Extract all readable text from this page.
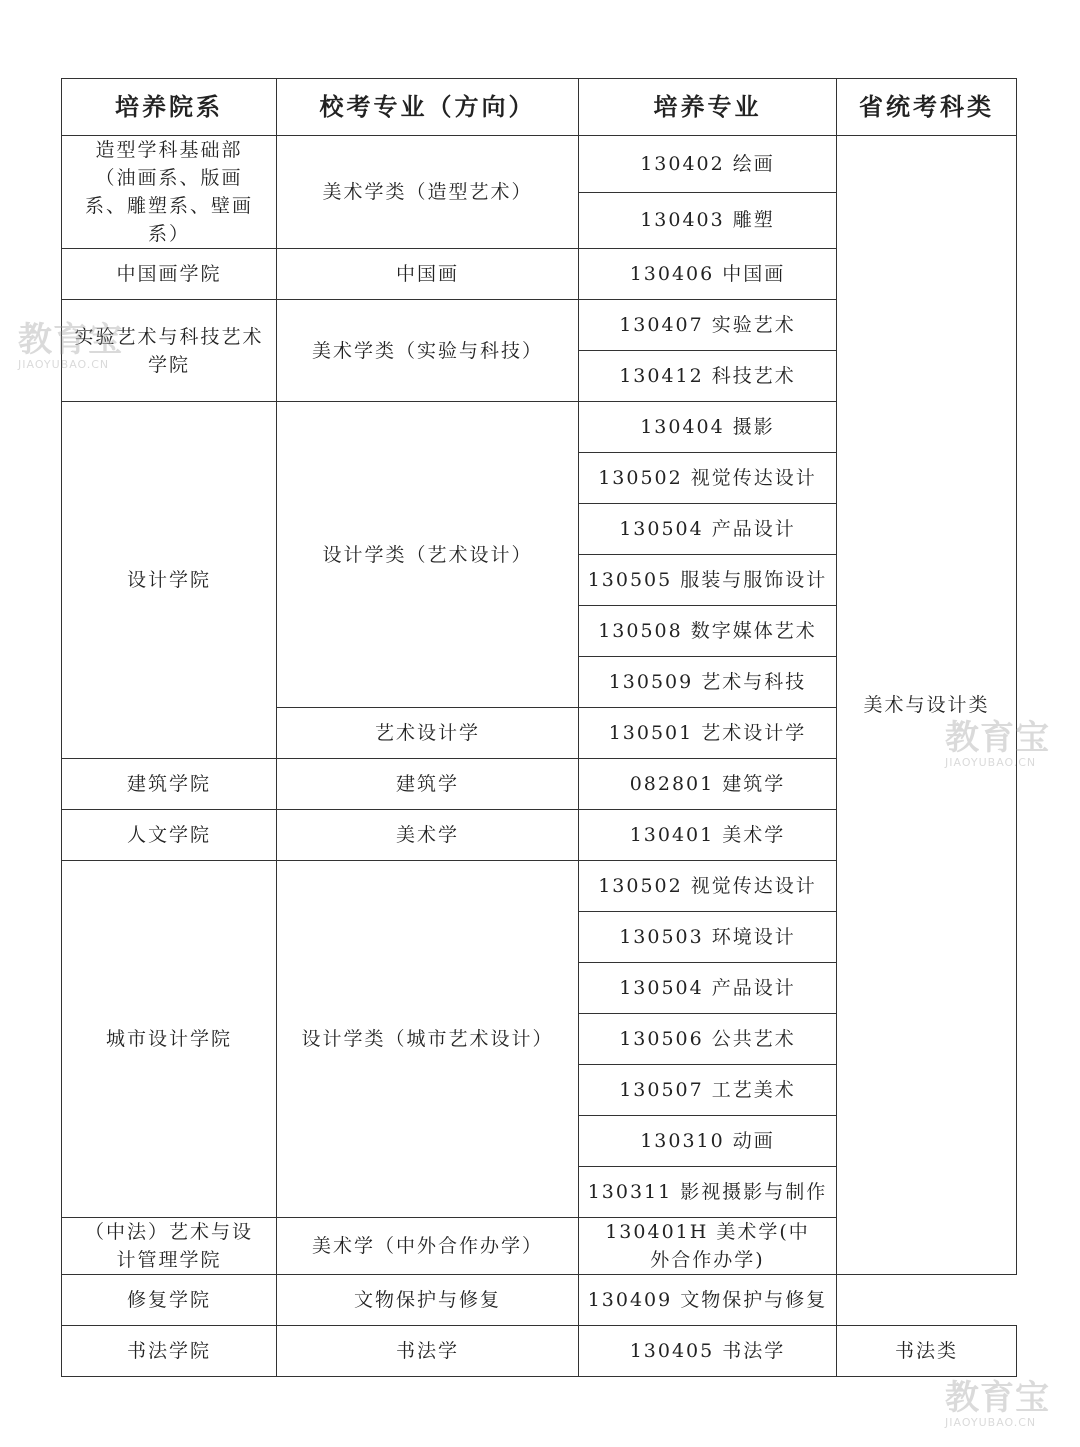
培养院系	校考专业（方向）	培养专业	省统考科类
造型学科基础部（油画系、版画系、雕塑系、壁画系）	美术学类（造型艺术）	130402 绘画	美术与设计类
		130403 雕塑	
中国画学院	中国画	130406 中国画	
实验艺术与科技艺术学院	美术学类（实验与科技）	130407 实验艺术	
		130412 科技艺术	
设计学院	设计学类（艺术设计）	130404 摄影	
		130502 视觉传达设计	
		130504 产品设计	
		130505 服装与服饰设计	
		130508 数字媒体艺术	
		130509 艺术与科技	
	艺术设计学	130501 艺术设计学	
建筑学院	建筑学	082801 建筑学	
人文学院	美术学	130401 美术学	
城市设计学院	设计学类（城市艺术设计）	130502 视觉传达设计	
		130503 环境设计	
		130504 产品设计	
		130506 公共艺术	
		130507 工艺美术	
		130310 动画	
		130311 影视摄影与制作	
（中法）艺术与设计管理学院	美术学（中外合作办学）	130401H 美术学(中外合作办学)	
修复学院	文物保护与修复	130409 文物保护与修复	
书法学院	书法学	130405 书法学	书法类
教育宝
JIAOYUBAO.CN
教育宝
JIAOYUBAO.CN
教育宝
JIAOYUBAO.CN
